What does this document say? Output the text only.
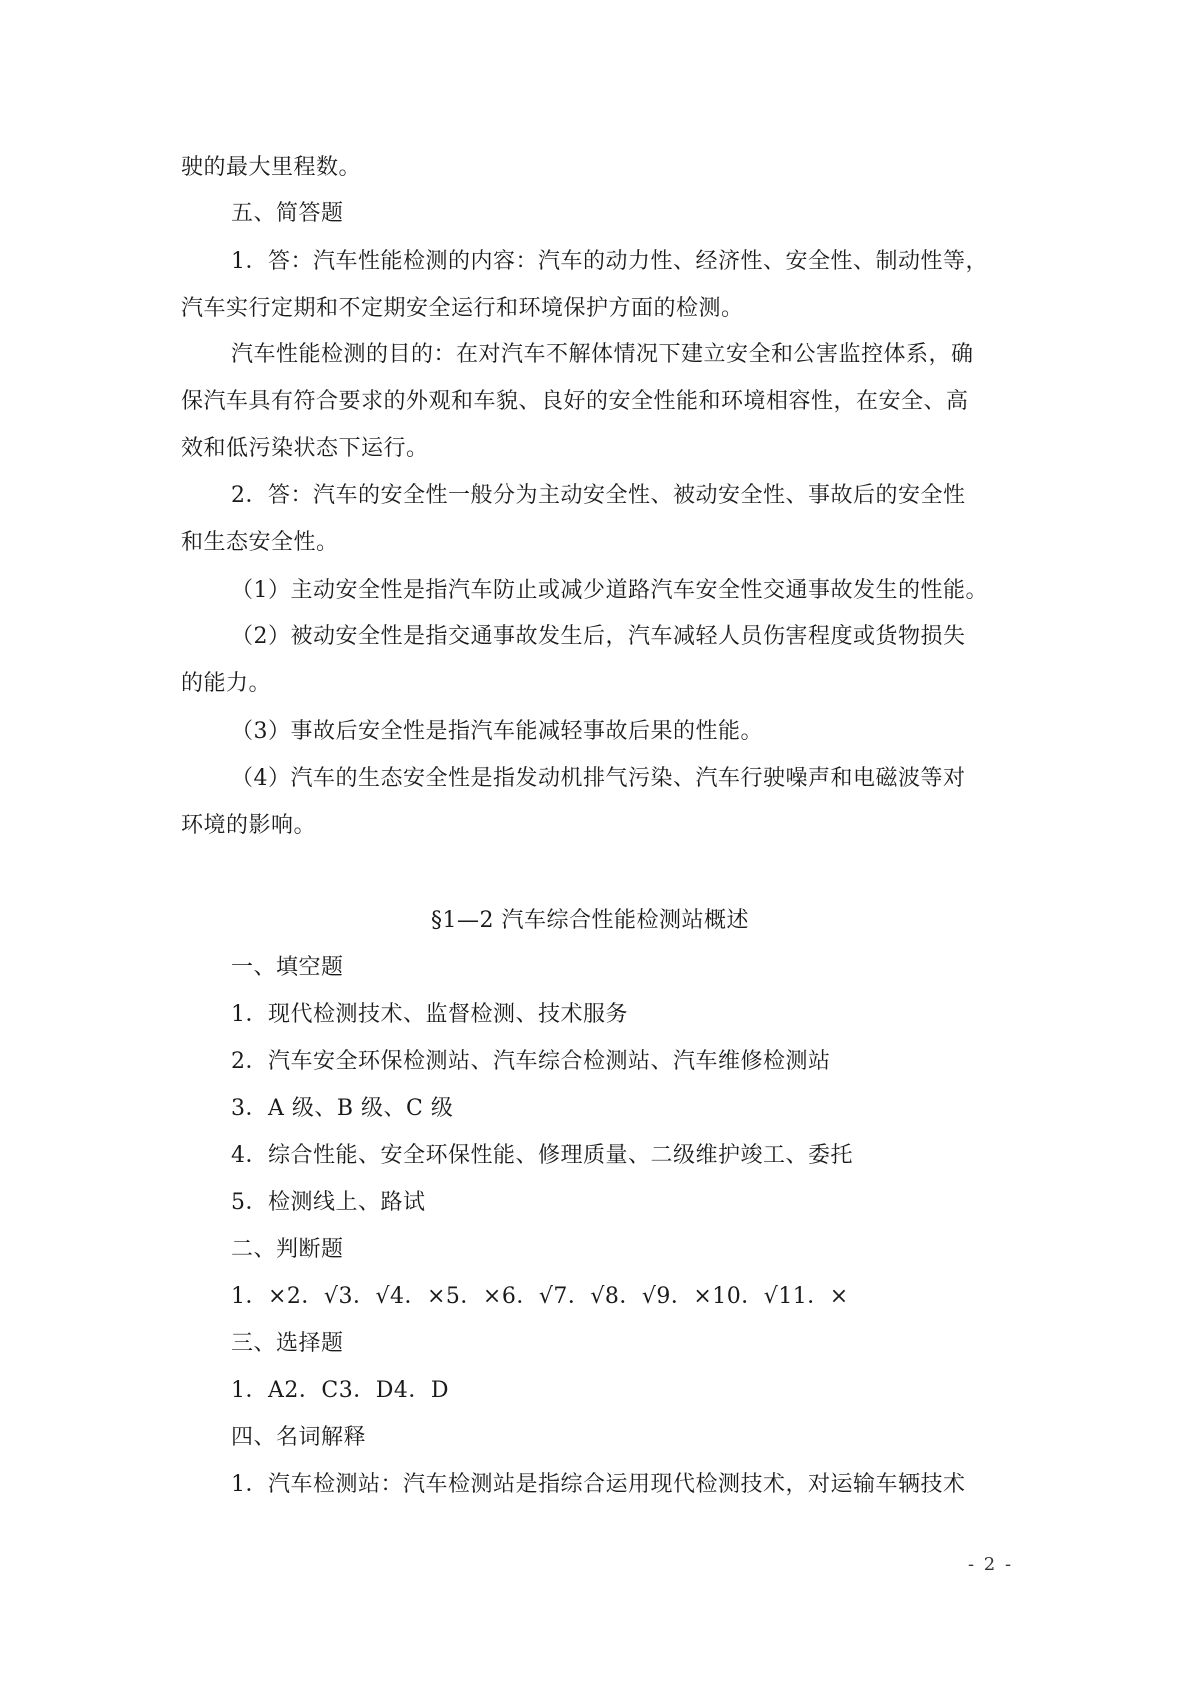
驶的最大里程数。
五、简答题
1．答：汽车性能检测的内容：汽车的动力性、经济性、安全性、制动性等，
汽车实行定期和不定期安全运行和环境保护方面的检测。
汽车性能检测的目的：在对汽车不解体情况下建立安全和公害监控体系，确
保汽车具有符合要求的外观和车貌、良好的安全性能和环境相容性，在安全、高
效和低污染状态下运行。
2．答：汽车的安全性一般分为主动安全性、被动安全性、事故后的安全性
和生态安全性。
（1）主动安全性是指汽车防止或减少道路汽车安全性交通事故发生的性能。
（2）被动安全性是指交通事故发生后，汽车减轻人员伤害程度或货物损失
的能力。
（3）事故后安全性是指汽车能减轻事故后果的性能。
（4）汽车的生态安全性是指发动机排气污染、汽车行驶噪声和电磁波等对
环境的影响。
§1—2 汽车综合性能检测站概述
一、填空题
1．现代检测技术、监督检测、技术服务
2．汽车安全环保检测站、汽车综合检测站、汽车维修检测站
3．A 级、B 级、C 级
4．综合性能、安全环保性能、修理质量、二级维护竣工、委托
5．检测线上、路试
二、判断题
1．×2．√3．√4．×5．×6．√7．√8．√9．×10．√11．×
三、选择题
1．A2．C3．D4．D
四、名词解释
1．汽车检测站：汽车检测站是指综合运用现代检测技术，对运输车辆技术
- 2 -
